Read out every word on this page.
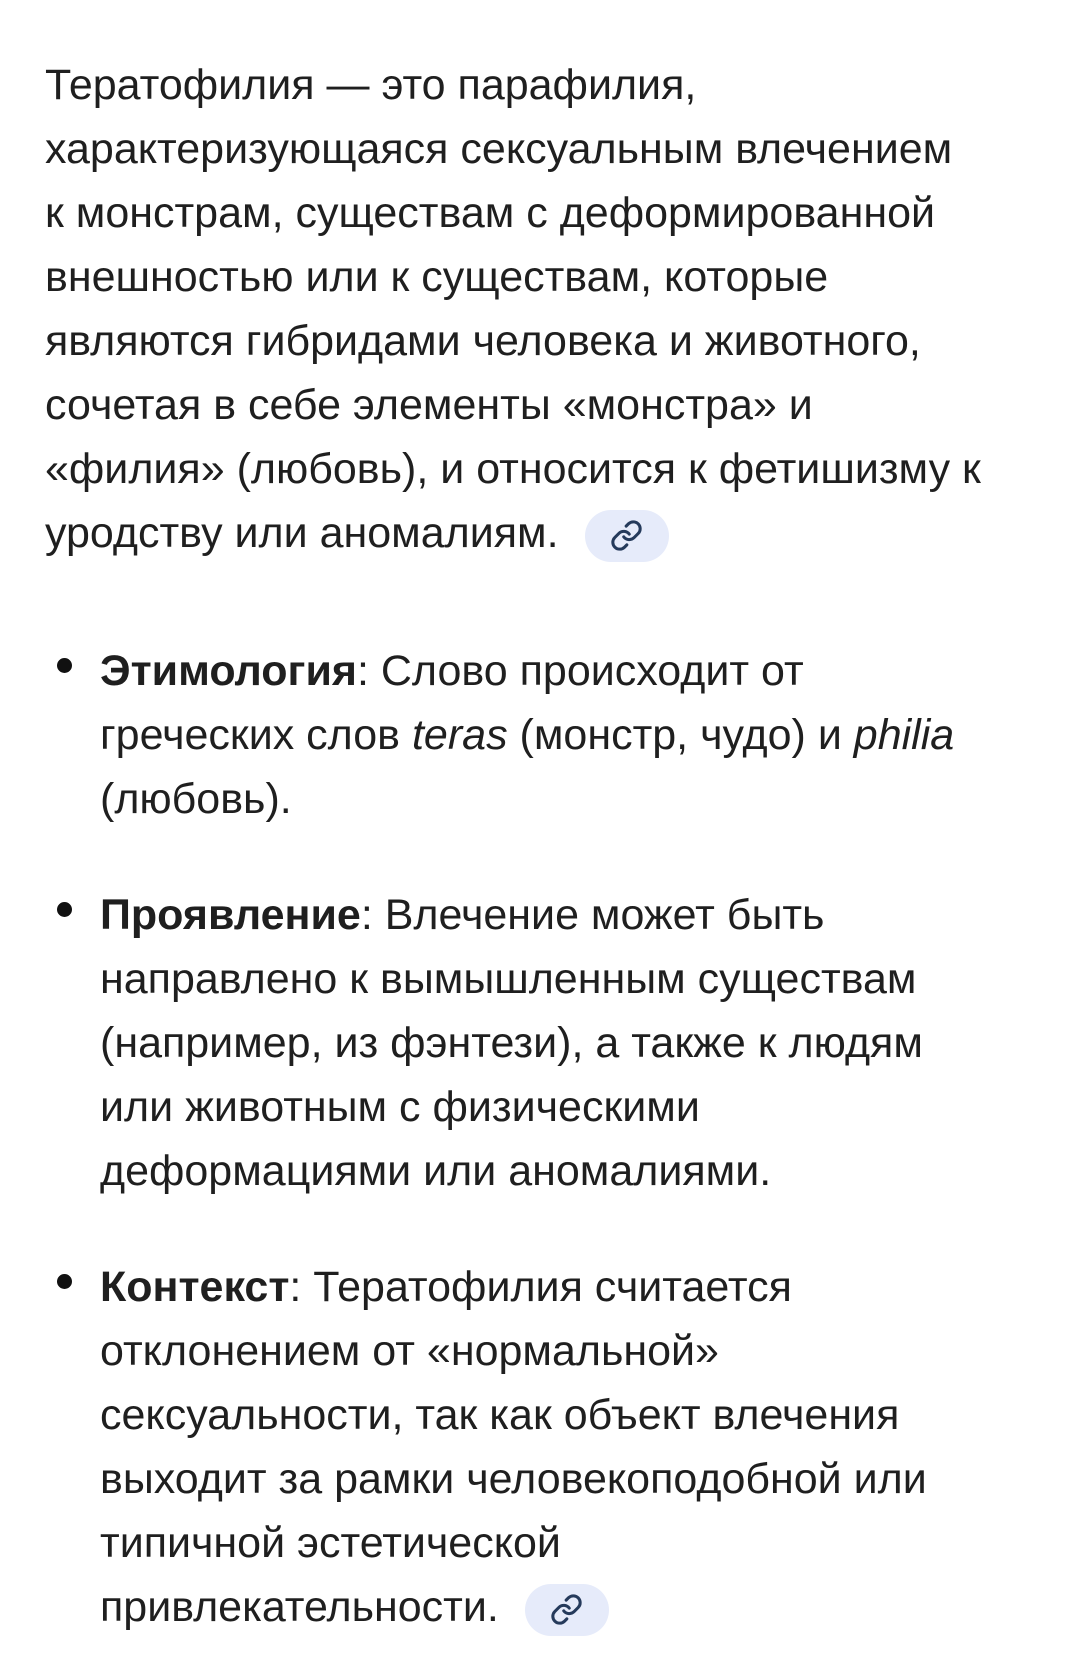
Тератофилия — это парафилия,
характеризующаяся сексуальным влечением
к монстрам, существам с деформированной
внешностью или к существам, которые
являются гибридами человека и животного,
сочетая в себе элементы «монстра» и
«филия» (любовь), и относится к фетишизму к
уродству или аномалиям.

Этимология: Слово происходит от
греческих слов teras (монстр, чудо) и philia
(любовь).
Проявление: Влечение может быть
направлено к вымышленным существам
(например, из фэнтези), а также к людям
или животным с физическими
деформациями или аномалиями.
Контекст: Тератофилия считается
отклонением от «нормальной»
сексуальности, так как объект влечения
выходит за рамки человекоподобной или
типичной эстетической
привлекательности.
